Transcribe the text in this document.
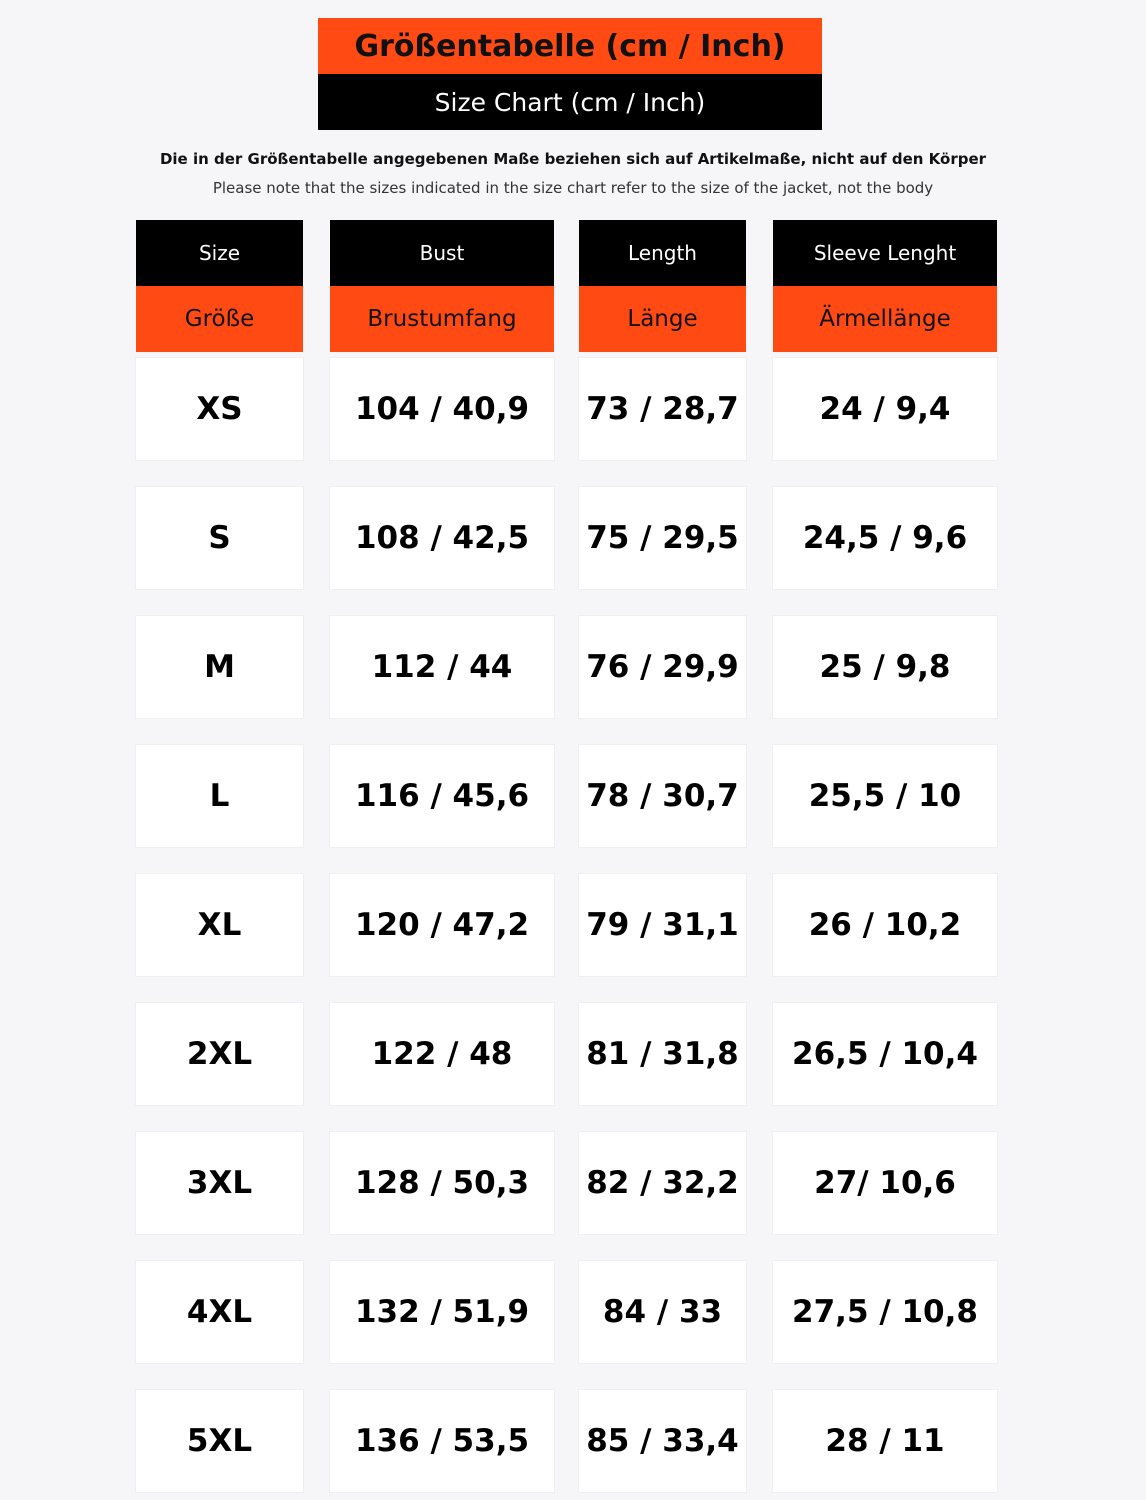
Größentabelle (cm / Inch)
Size Chart (cm / Inch)
Die in der Größentabelle angegebenen Maße beziehen sich auf Artikelmaße, nicht auf den Körper
Please note that the sizes indicated in the size chart refer to the size of the jacket, not the body
Size
Größe
XS
S
M
L
XL
2XL
3XL
4XL
5XL
Bust
Brustumfang
104 / 40,9
108 / 42,5
112 / 44
116 / 45,6
120 / 47,2
122 / 48
128 / 50,3
132 / 51,9
136 / 53,5
Length
Länge
73 / 28,7
75 / 29,5
76 / 29,9
78 / 30,7
79 / 31,1
81 / 31,8
82 / 32,2
84 / 33
85 / 33,4
Sleeve Lenght
Ärmellänge
24 / 9,4
24,5 / 9,6
25 / 9,8
25,5 / 10
26 / 10,2
26,5 / 10,4
27/ 10,6
27,5 / 10,8
28 / 11
